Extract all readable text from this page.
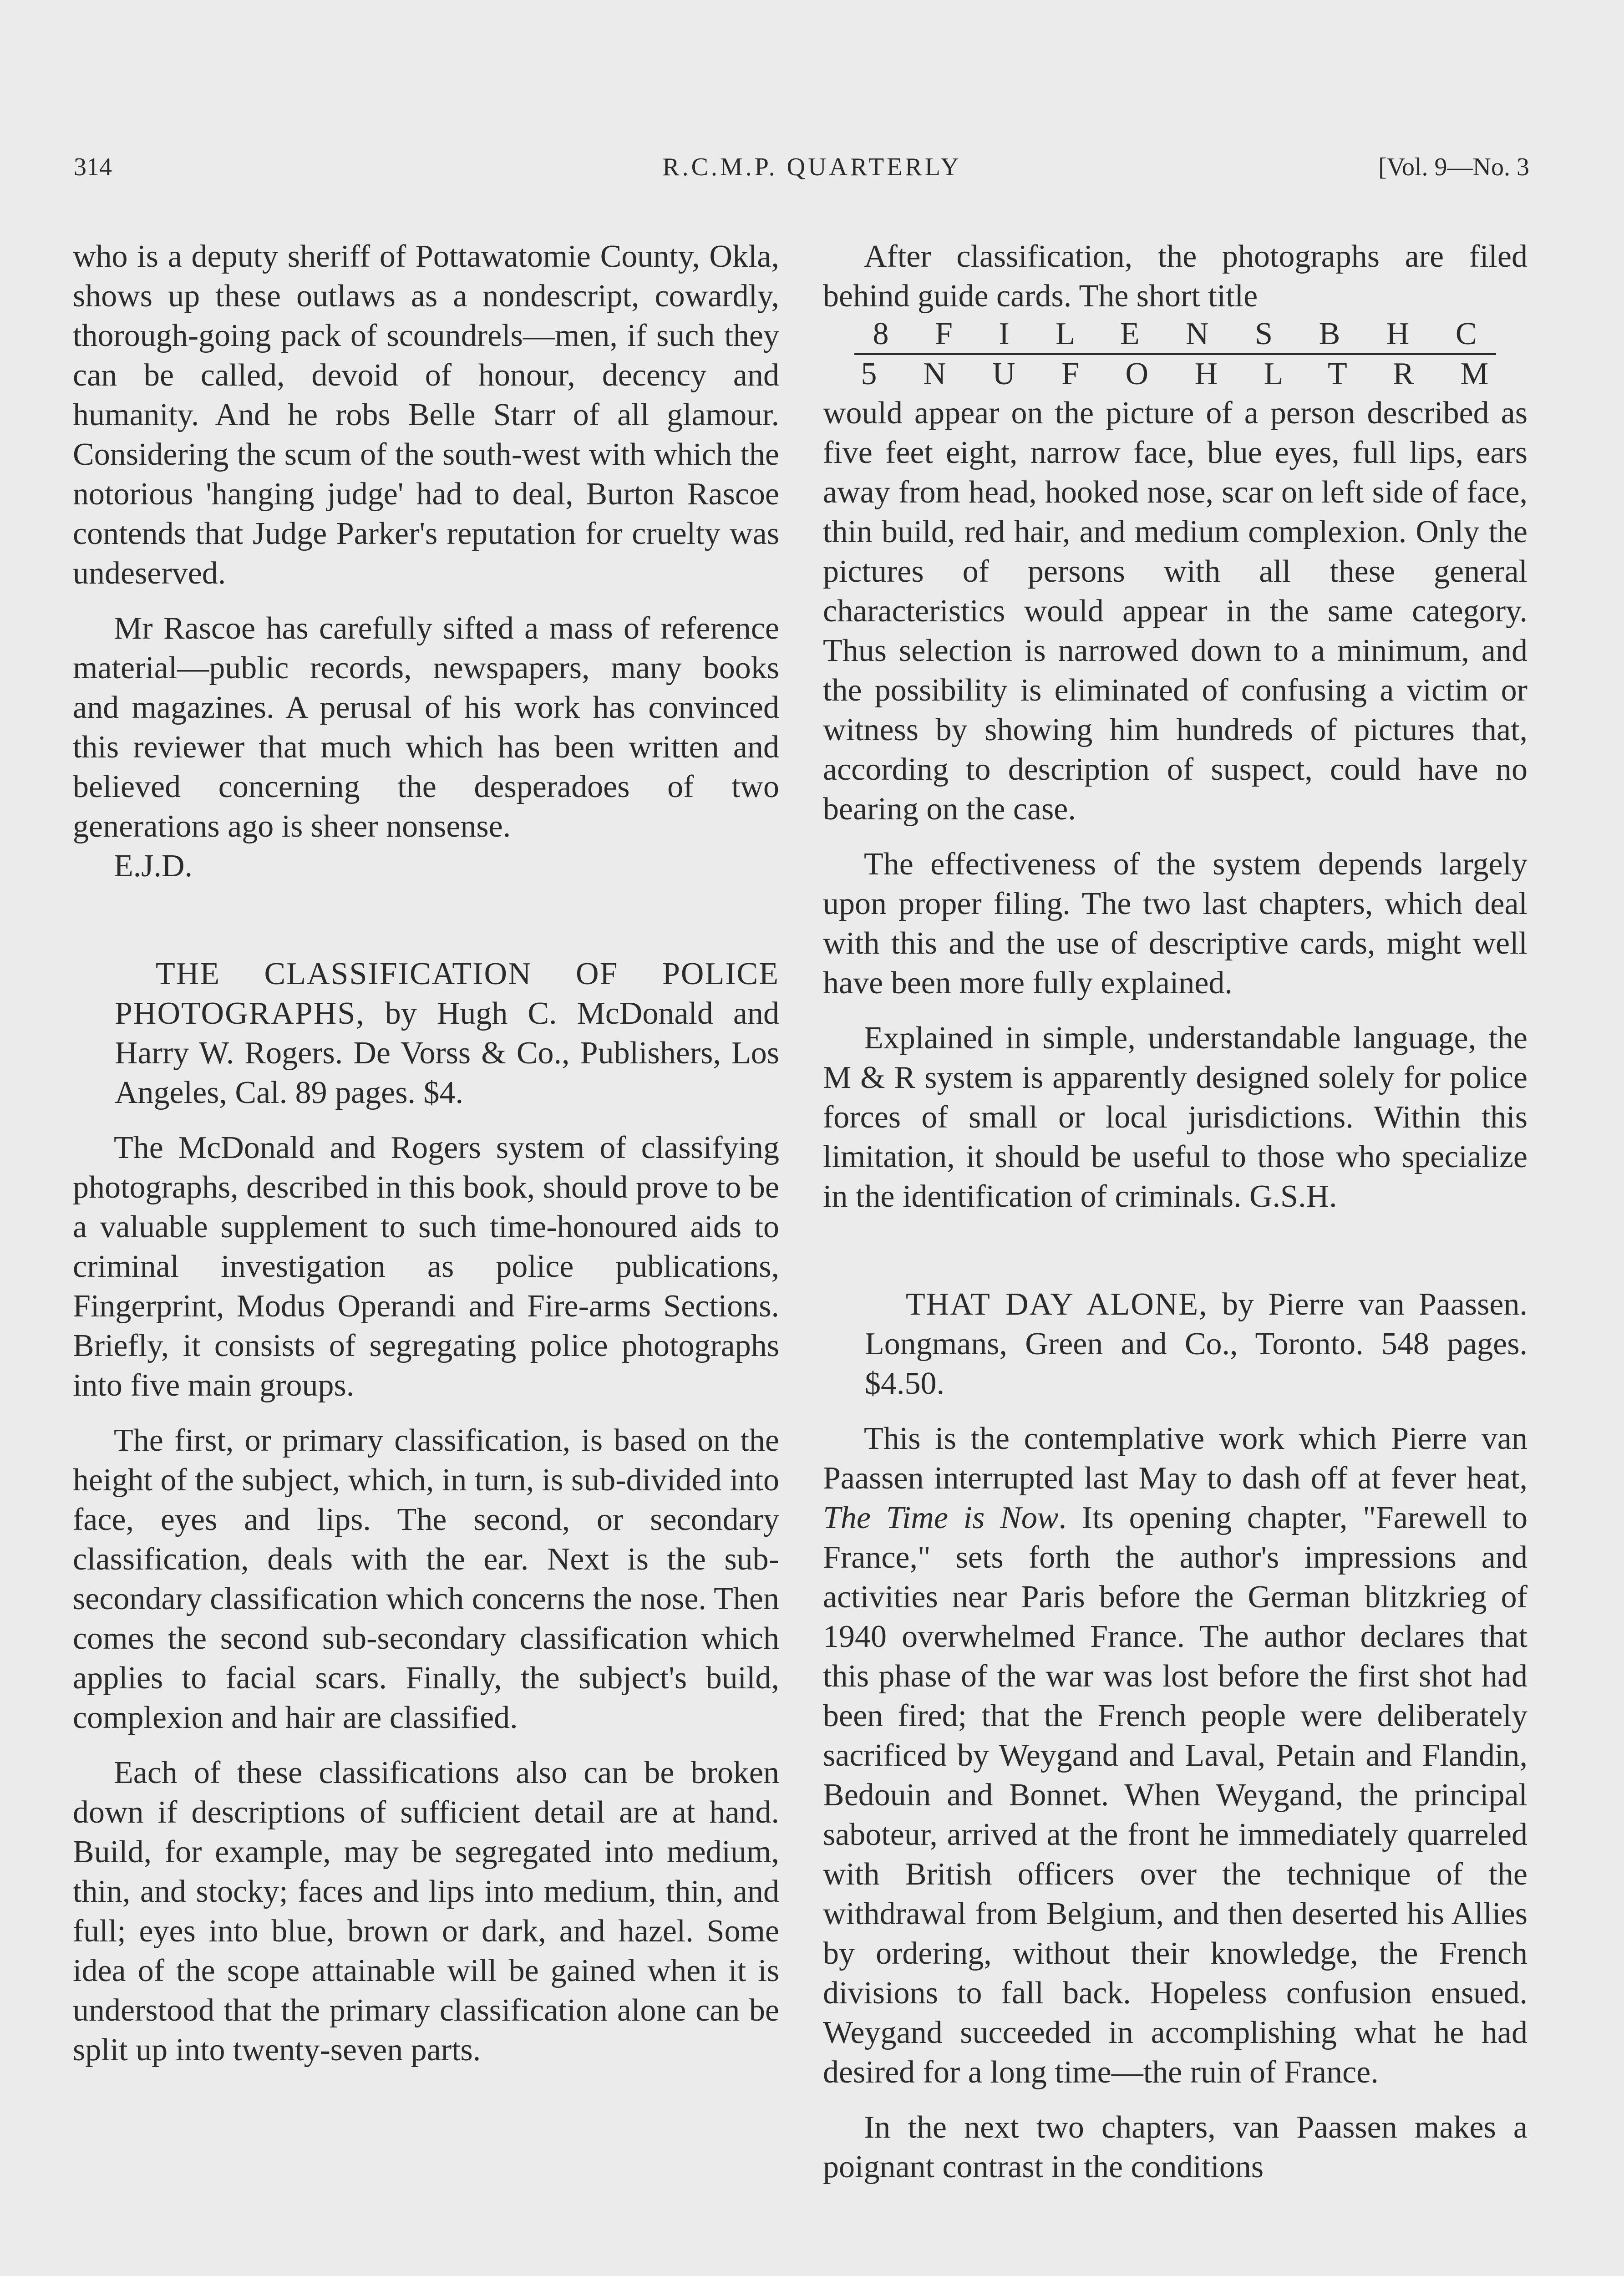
314	R.C.M.P. QUARTERLY	[Vol. 9—No. 3

who is a deputy sheriff of Pottawatomie County, Okla, shows up these outlaws as a nondescript, cowardly, thorough-going pack of scoundrels—men, if such they can be called, devoid of honour, decency and humanity. And he robs Belle Starr of all glamour. Considering the scum of the south-west with which the notorious 'hanging judge' had to deal, Burton Rascoe contends that Judge Parker's reputation for cruelty was undeserved.

Mr Rascoe has carefully sifted a mass of reference material—public records, newspapers, many books and magazines. A perusal of his work has convinced this reviewer that much which has been written and believed concerning the desperadoes of two generations ago is sheer nonsense.

E.J.D.

THE CLASSIFICATION OF POLICE PHOTOGRAPHS, by Hugh C. McDonald and Harry W. Rogers. De Vorss & Co., Publishers, Los Angeles, Cal. 89 pages. $4.

The McDonald and Rogers system of classifying photographs, described in this book, should prove to be a valuable supplement to such time-honoured aids to criminal investigation as police publications, Fingerprint, Modus Operandi and Fire-arms Sections. Briefly, it consists of segregating police photographs into five main groups.

The first, or primary classification, is based on the height of the subject, which, in turn, is sub-divided into face, eyes and lips. The second, or secondary classification, deals with the ear. Next is the sub-secondary classification which concerns the nose. Then comes the second sub-secondary classification which applies to facial scars. Finally, the subject's build, complexion and hair are classified.

Each of these classifications also can be broken down if descriptions of sufficient detail are at hand. Build, for example, may be segregated into medium, thin, and stocky; faces and lips into medium, thin, and full; eyes into blue, brown or dark, and hazel. Some idea of the scope attainable will be gained when it is understood that the primary classification alone can be split up into twenty-seven parts.

After classification, the photographs are filed behind guide cards. The short title

8 F I L E N S B H C
5 N U F O H L T R M

would appear on the picture of a person described as five feet eight, narrow face, blue eyes, full lips, ears away from head, hooked nose, scar on left side of face, thin build, red hair, and medium complexion. Only the pictures of persons with all these general characteristics would appear in the same category. Thus selection is narrowed down to a minimum, and the possibility is eliminated of confusing a victim or witness by showing him hundreds of pictures that, according to description of suspect, could have no bearing on the case.

The effectiveness of the system depends largely upon proper filing. The two last chapters, which deal with this and the use of descriptive cards, might well have been more fully explained.

Explained in simple, understandable language, the M & R system is apparently designed solely for police forces of small or local jurisdictions. Within this limitation, it should be useful to those who specialize in the identification of criminals. G.S.H.

THAT DAY ALONE, by Pierre van Paassen. Longmans, Green and Co., Toronto. 548 pages. $4.50.

This is the contemplative work which Pierre van Paassen interrupted last May to dash off at fever heat, The Time is Now. Its opening chapter, "Farewell to France," sets forth the author's impressions and activities near Paris before the German blitzkrieg of 1940 overwhelmed France. The author declares that this phase of the war was lost before the first shot had been fired; that the French people were deliberately sacrificed by Weygand and Laval, Petain and Flandin, Bedouin and Bonnet. When Weygand, the principal saboteur, arrived at the front he immediately quarreled with British officers over the technique of the withdrawal from Belgium, and then deserted his Allies by ordering, without their knowledge, the French divisions to fall back. Hopeless confusion ensued. Weygand succeeded in accomplishing what he had desired for a long time—the ruin of France.

In the next two chapters, van Paassen makes a poignant contrast in the conditions
